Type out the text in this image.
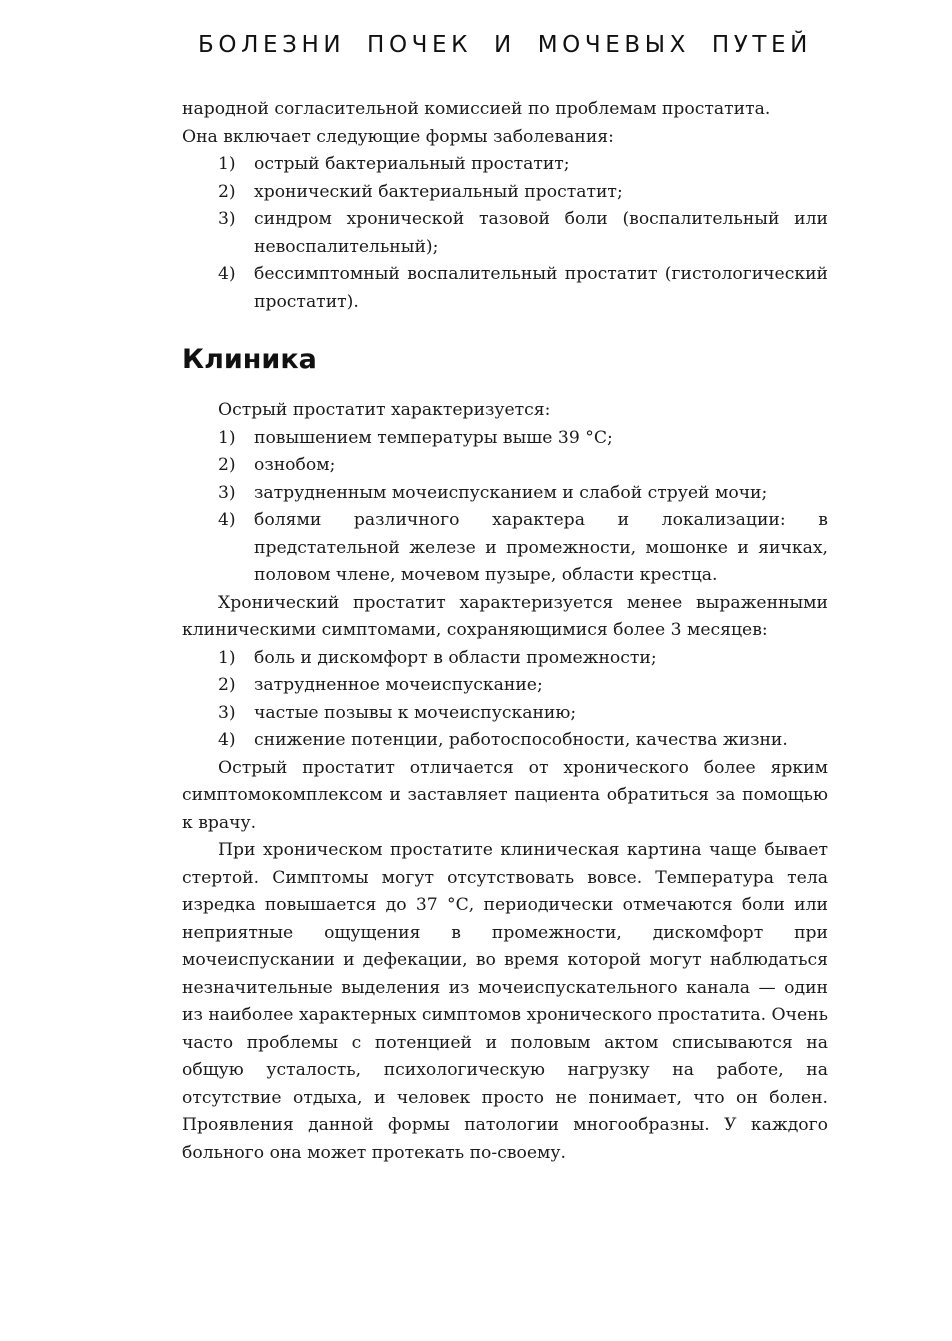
БОЛЕЗНИ ПОЧЕК И МОЧЕВЫХ ПУТЕЙ

народной согласительной комиссией по проблемам простатита.

Она включает следующие формы заболевания:

1) острый бактериальный простатит;
2) хронический бактериальный простатит;
3) синдром хронической тазовой боли (воспалительный или невоспалительный);
4) бессимптомный воспалительный простатит (гистологический простатит).
Клиника

Острый простатит характеризуется:

1) повышением температуры выше 39 °С;
2) ознобом;
3) затрудненным мочеиспусканием и слабой струей мочи;
4) болями различного характера и локализации: в предстательной железе и промежности, мошонке и яичках, половом члене, мочевом пузыре, области крестца.

Хронический простатит характеризуется менее выраженными клиническими симптомами, сохраняющимися более 3 месяцев:

1) боль и дискомфорт в области промежности;
2) затрудненное мочеиспускание;
3) частые позывы к мочеиспусканию;
4) снижение потенции, работоспособности, качества жизни.

Острый простатит отличается от хронического более ярким симптомокомплексом и заставляет пациента обратиться за помощью к врачу.

При хроническом простатите клиническая картина чаще бывает стертой. Симптомы могут отсутствовать вовсе. Температура тела изредка повышается до 37 °С, периодически отмечаются боли или неприятные ощущения в промежности, дискомфорт при мочеиспускании и дефекации, во время которой могут наблюдаться незначительные выделения из мочеиспускательного канала — один из наиболее характерных симптомов хронического простатита. Очень часто проблемы с потенцией и половым актом списываются на общую усталость, психологическую нагрузку на работе, на отсутствие отдыха, и человек просто не понимает, что он болен. Проявления данной формы патологии многообразны. У каждого больного она может протекать по-своему.
